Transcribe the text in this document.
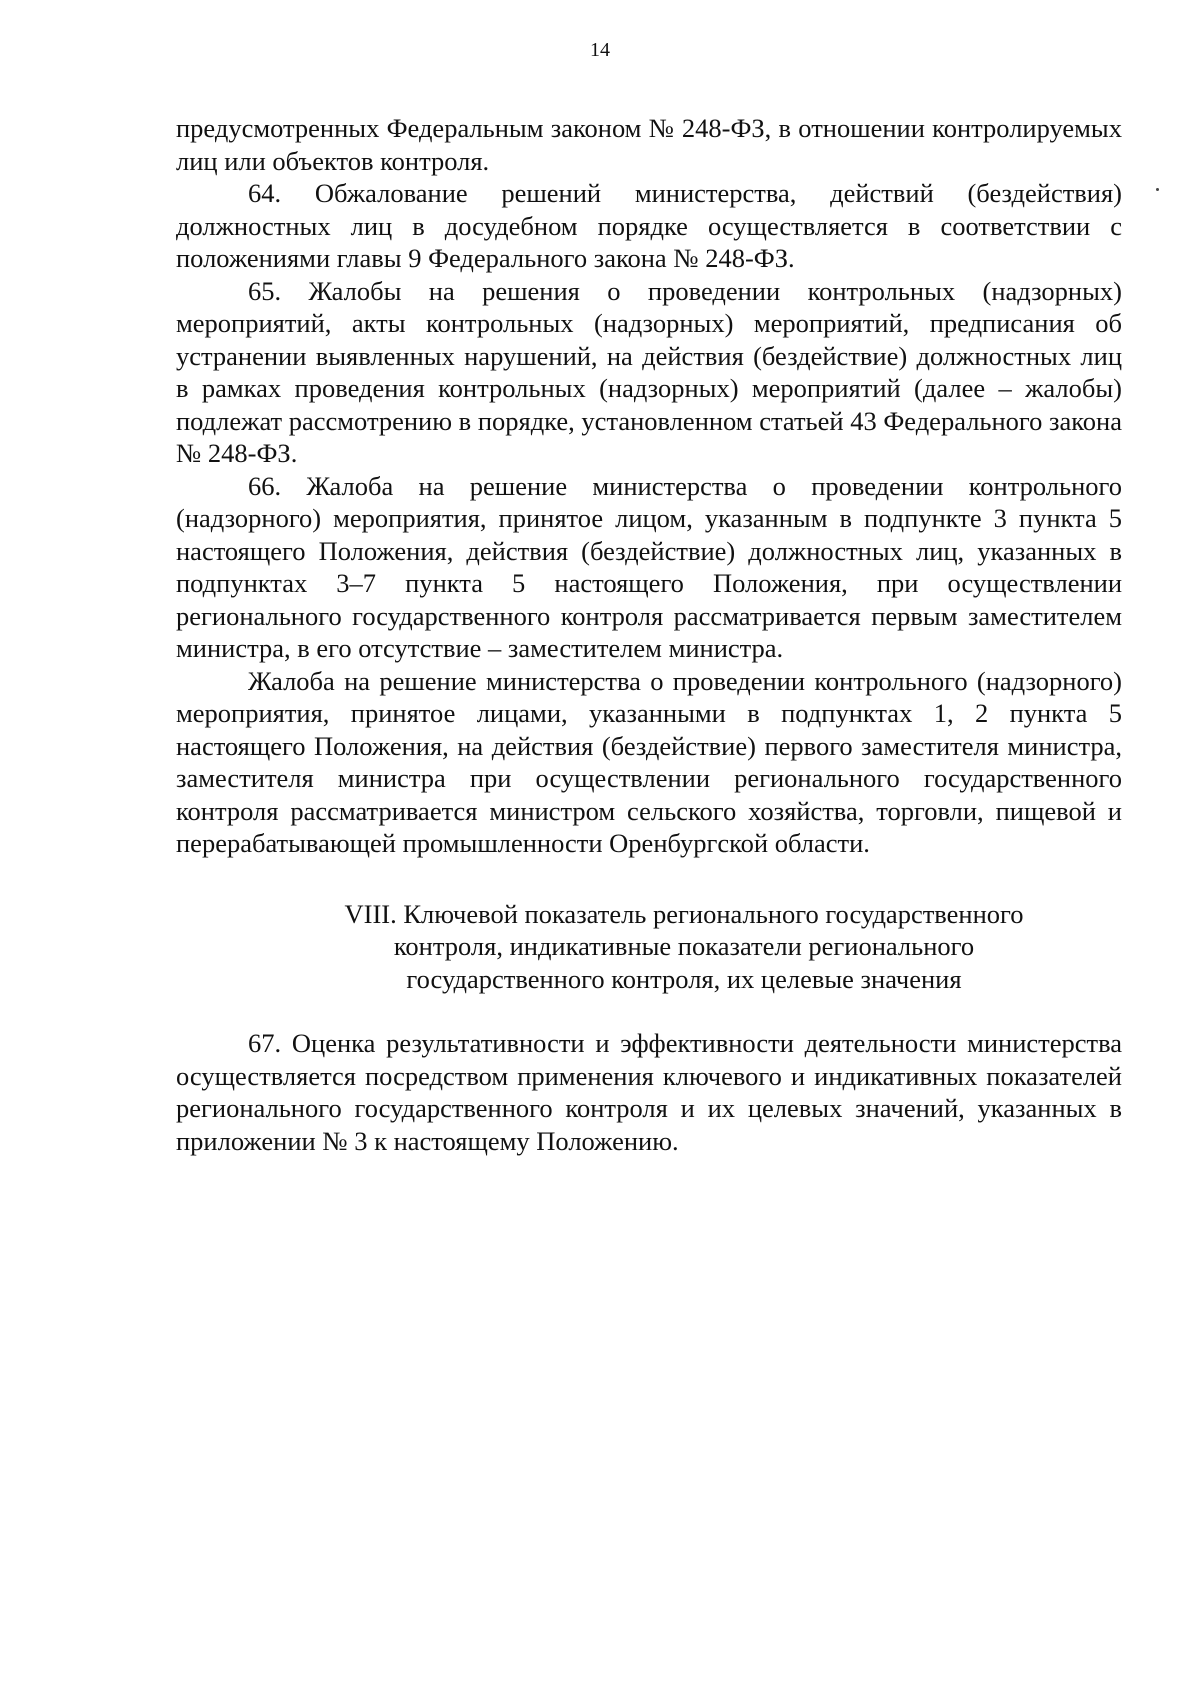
14

предусмотренных Федеральным законом № 248-ФЗ, в отношении контролируемых лиц или объектов контроля.

64. Обжалование решений министерства, действий (бездействия) должностных лиц в досудебном порядке осуществляется в соответствии с положениями главы 9 Федерального закона № 248-ФЗ.

65. Жалобы на решения о проведении контрольных (надзорных) мероприятий, акты контрольных (надзорных) мероприятий, предписания об устранении выявленных нарушений, на действия (бездействие) должностных лиц в рамках проведения контрольных (надзорных) мероприятий (далее – жалобы) подлежат рассмотрению в порядке, установленном статьей 43 Федерального закона № 248-ФЗ.

66. Жалоба на решение министерства о проведении контрольного (надзорного) мероприятия, принятое лицом, указанным в подпункте 3 пункта 5 настоящего Положения, действия (бездействие) должностных лиц, указанных в подпунктах 3–7 пункта 5 настоящего Положения, при осуществлении регионального государственного контроля рассматривается первым заместителем министра, в его отсутствие – заместителем министра.

Жалоба на решение министерства о проведении контрольного (надзорного) мероприятия, принятое лицами, указанными в подпунктах 1, 2 пункта 5 настоящего Положения, на действия (бездействие) первого заместителя министра, заместителя министра при осуществлении регионального государственного контроля рассматривается министром сельского хозяйства, торговли, пищевой и перерабатывающей промышленности Оренбургской области.

VIII. Ключевой показатель регионального государственного
контроля, индикативные показатели регионального
государственного контроля, их целевые значения

67. Оценка результативности и эффективности деятельности министерства осуществляется посредством применения ключевого и индикативных показателей регионального государственного контроля и их целевых значений, указанных в приложении № 3 к настоящему Положению.
